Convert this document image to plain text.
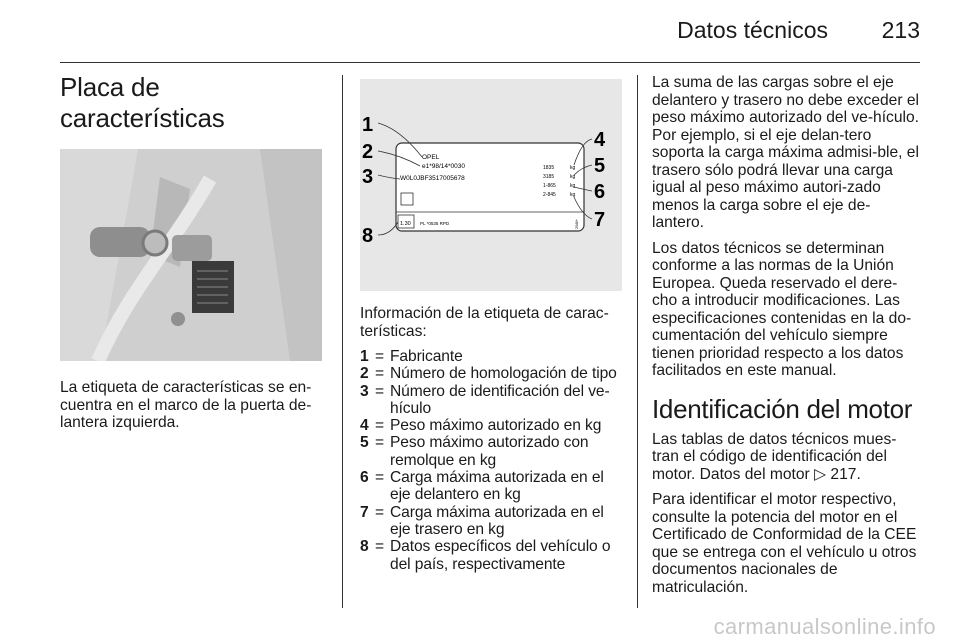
Datos técnicos 213
Placa de características

La etiqueta de características se en-cuentra en el marco de la puerta de-lantera izquierda.

OPEL
e1*98/14*0030
W0L0JBF3517005678
1835
3185
1-865
2-845
kg
kg
kg
kg
1.30 PL *0535 RPD	298/+
1
2
3
4
5
6
7
8

Información de la etiqueta de carac-terísticas:

1 = Fabricante
2 = Número de homologación de tipo
3 = Número de identificación del ve-hículo
4 = Peso máximo autorizado en kg
5 = Peso máximo autorizado con remolque en kg
6 = Carga máxima autorizada en el eje delantero en kg
7 = Carga máxima autorizada en el eje trasero en kg
8 = Datos específicos del vehículo o del país, respectivamente

La suma de las cargas sobre el eje delantero y trasero no debe exceder el peso máximo autorizado del ve-hículo. Por ejemplo, si el eje delan-tero soporta la carga máxima admisi-ble, el trasero sólo podrá llevar una carga igual al peso máximo autori-zado menos la carga sobre el eje de-lantero.

Los datos técnicos se determinan conforme a las normas de la Unión Europea. Queda reservado el dere-cho a introducir modificaciones. Las especificaciones contenidas en la do-cumentación del vehículo siempre tienen prioridad respecto a los datos facilitados en este manual.

Identificación del motor

Las tablas de datos técnicos mues-tran el código de identificación del motor. Datos del motor ▷ 217.

Para identificar el motor respectivo, consulte la potencia del motor en el Certificado de Conformidad de la CEE que se entrega con el vehículo u otros documentos nacionales de matriculación.

carmanualsonline.info
